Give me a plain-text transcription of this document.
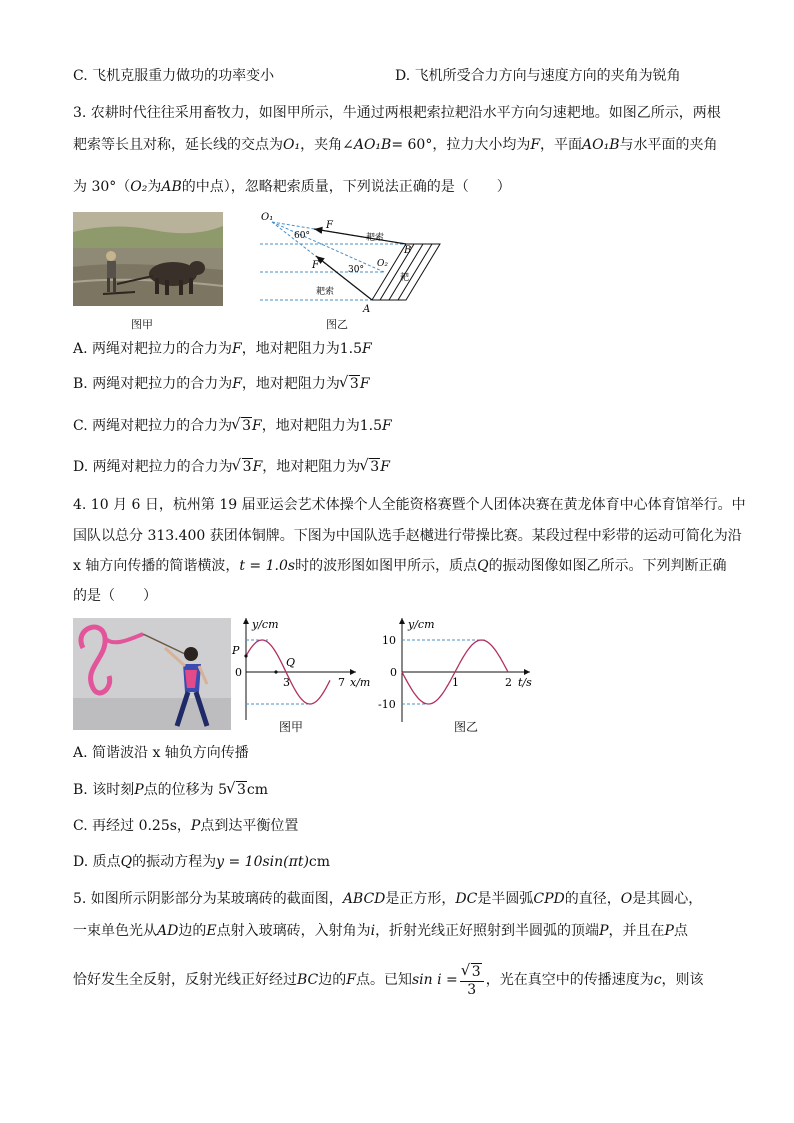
C. 飞机克服重力做功的功率变小	D. 飞机所受合力方向与速度方向的夹角为锐角
3. 农耕时代往往采用畜牧力，如图甲所示，牛通过两根耙索拉耙沿水平方向匀速耙地。如图乙所示，两根
耙索等长且对称，延长线的交点为O₁，夹角∠AO₁B= 60°，拉力大小均为F，平面AO₁B与水平面的夹角
为 30°（O₂为AB的中点），忽略耙索质量，下列说法正确的是（　　）
图甲
O₁
F
60°	耙索
B
O₂
30°
耙
F
耙索
A
图乙
A. 两绳对耙拉力的合力为F，地对耙阻力为1.5F
B. 两绳对耙拉力的合力为F，地对耙阻力为 √ 3F
C. 两绳对耙拉力的合力为 √ 3F，地对耙阻力为1.5F
D. 两绳对耙拉力的合力为 √ 3F，地对耙阻力为 √ 3F
4. 10 月 6 日，杭州第 19 届亚运会艺术体操个人全能资格赛暨个人团体决赛在黄龙体育中心体育馆举行。中
国队以总分 313.400 获团体铜牌。下图为中国队选手赵樾进行带操比赛。某段过程中彩带的运动可简化为沿
x 轴方向传播的简谐横波，t = 1.0s时的波形图如图甲所示，质点Q的振动图像如图乙所示。下列判断正确
的是（　　）
y/cm
P
Q
0
3	7 x/m
图甲
y/cm
10
0
-10
1	2 t/s
图乙
A. 简谐波沿 x 轴负方向传播
B. 该时刻P点的位移为 5 √ 3cm
C. 再经过 0.25s，P点到达平衡位置
D. 质点Q的振动方程为y = 10sin(πt)cm
5. 如图所示阴影部分为某玻璃砖的截面图，ABCD是正方形，DC是半圆弧CPD的直径，O是其圆心，
一束单色光从AD边的E点射入玻璃砖，入射角为i，折射光线正好照射到半圆弧的顶端P，并且在P点
恰好发生全反射，反射光线正好经过BC边的F点。已知sin i = √ $\frac{3}{3}$ ，光在真空中的传播速度为c，则该
